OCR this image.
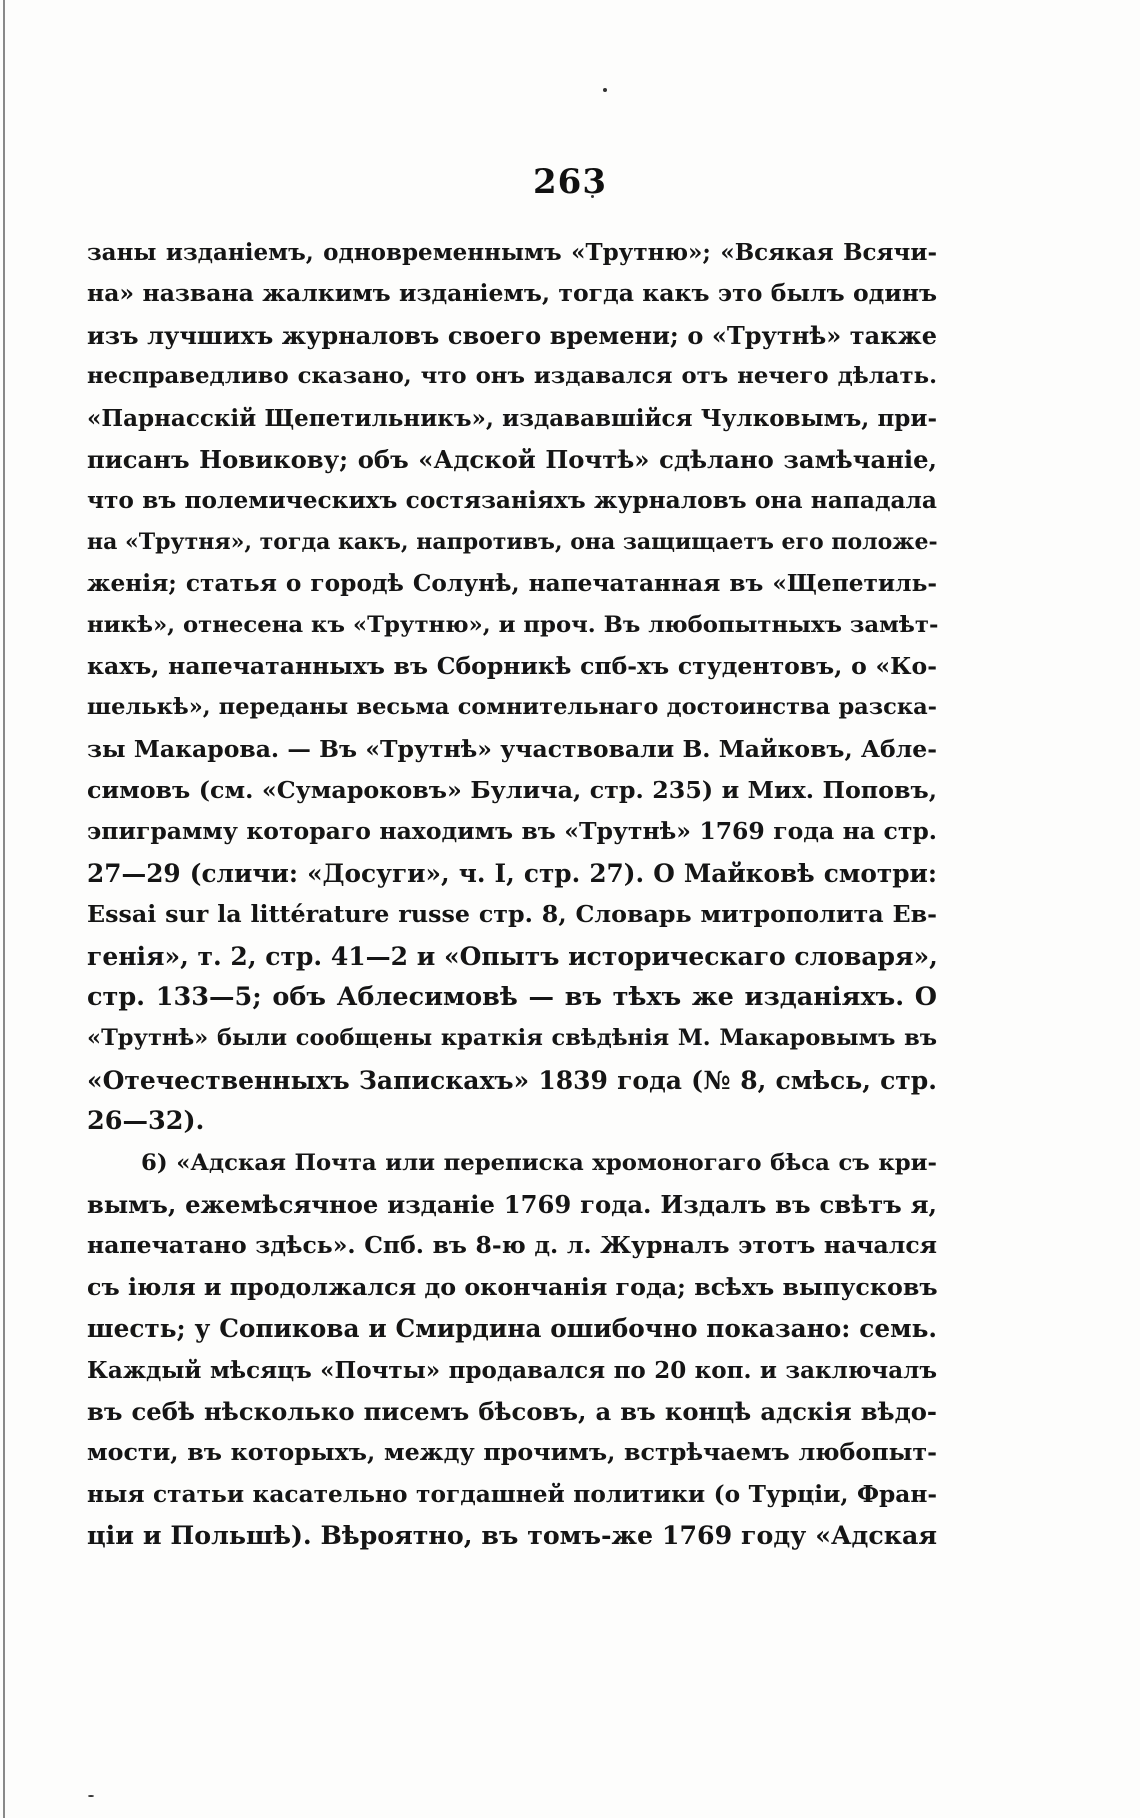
263
заны изданіемъ, одновременнымъ «Трутню»; «Всякая Всячи-
на» названа жалкимъ изданіемъ, тогда какъ это былъ одинъ
изъ лучшихъ журналовъ своего времени; о «Трутнѣ» также
несправедливо сказано, что онъ издавался отъ нечего дѣлать.
«Парнасскій Щепетильникъ», издававшійся Чулковымъ, при-
писанъ Новикову; объ «Адской Почтѣ» сдѣлано замѣчаніе,
что въ полемическихъ состязаніяхъ журналовъ она нападала
на «Трутня», тогда какъ, напротивъ, она защищаетъ его положе-
женія; статья о городѣ Солунѣ, напечатанная въ «Щепетиль-
никѣ», отнесена къ «Трутню», и проч. Въ любопытныхъ замѣт-
кахъ, напечатанныхъ въ Сборникѣ спб-хъ студентовъ, о «Ко-
шелькѣ», переданы весьма сомнительнаго достоинства разска-
зы Макарова. — Въ «Трутнѣ» участвовали В. Майковъ, Абле-
симовъ (см. «Сумароковъ» Булича, стр. 235) и Мих. Поповъ,
эпиграмму котораго находимъ въ «Трутнѣ» 1769 года на стр.
27—29 (сличи: «Досуги», ч. I, стр. 27). О Майковѣ смотри:
Essai sur la littérature russe стр. 8, Словарь митрополита Ев-
генія», т. 2, стр. 41—2 и «Опытъ историческаго словаря»,
стр. 133—5; объ Аблесимовѣ — въ тѣхъ же изданіяхъ. О
«Трутнѣ» были сообщены краткія свѣдѣнія М. Макаровымъ въ
«Отечественныхъ Запискахъ» 1839 года (№ 8, смѣсь, стр.
26—32).
6) «Адская Почта или переписка хромоногаго бѣса съ кри-
вымъ, ежемѣсячное изданіе 1769 года. Издалъ въ свѣтъ я,
напечатано здѣсь». Спб. въ 8-ю д. л. Журналъ этотъ начался
съ іюля и продолжался до окончанія года; всѣхъ выпусковъ
шесть; у Сопикова и Смирдина ошибочно показано: семь.
Каждый мѣсяцъ «Почты» продавался по 20 коп. и заключалъ
въ себѣ нѣсколько писемъ бѣсовъ, а въ концѣ адскія вѣдо-
мости, въ которыхъ, между прочимъ, встрѣчаемъ любопыт-
ныя статьи касательно тогдашней политики (о Турціи, Фран-
ціи и Польшѣ). Вѣроятно, въ томъ-же 1769 году «Адская
